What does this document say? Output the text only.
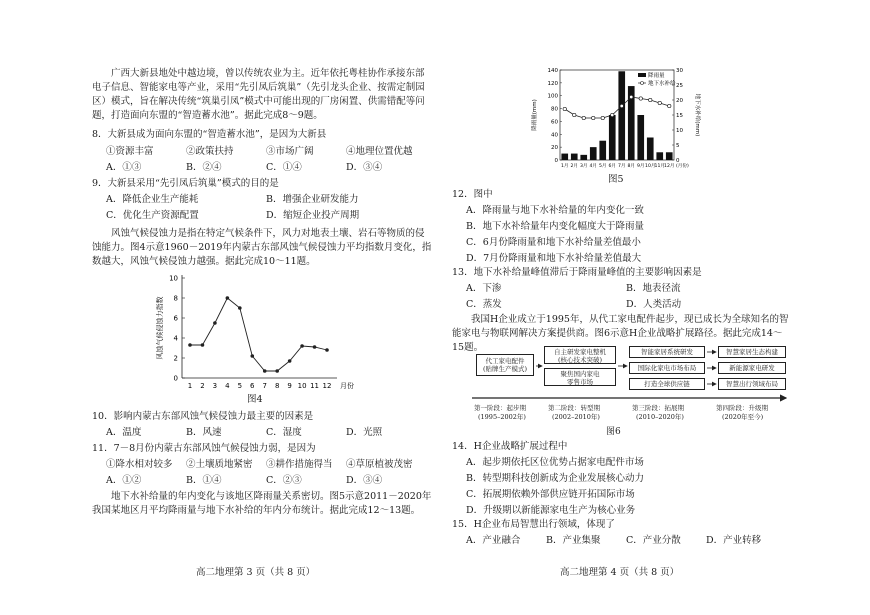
广西大新县地处中越边境，曾以传统农业为主。近年依托粤桂协作承接东部电子信息、智能家电等产业，采用“先引凤后筑巢”（先引龙头企业、按需定制园区）模式，旨在解决传统“筑巢引凤”模式中可能出现的厂房闲置、供需错配等问题，打造面向东盟的“智造蓄水池”。据此完成8～9题。
8．大新县成为面向东盟的“智造蓄水池”，是因为大新县
①资源丰富	②政策扶持	③市场广阔	④地理位置优越
A．①③	B．②④	C．①④	D．③④
9．大新县采用“先引凤后筑巢”模式的目的是
A．降低企业生产能耗	B．增强企业研发能力
C．优化生产资源配置	D．缩短企业投产周期
风蚀气候侵蚀力是指在特定气候条件下，风力对地表土壤、岩石等物质的侵蚀能力。图4示意1960－2019年内蒙古东部风蚀气候侵蚀力平均指数月变化，指数越大，风蚀气候侵蚀力越强。据此完成10～11题。
0
2
4
6
8
10
1 2 3 4 5 6 7 8 9 10 11 12 月份
风蚀气候侵蚀力指数
图4
10．影响内蒙古东部风蚀气候侵蚀力最主要的因素是
A．温度	B．风速	C．湿度	D．光照
11．7－8月份内蒙古东部风蚀气候侵蚀力弱，是因为
①降水相对较多 ②土壤质地紧密 ③耕作措施得当 ④草原植被茂密
A．①②	B．①④	C．②③	D．③④
地下水补给量的年内变化与该地区降雨量关系密切。图5示意2011－2020年我国某地区月平均降雨量与地下水补给的年内分布统计。据此完成12～13题。
高二地理第 3 页（共 8 页）
0
20
40
60
80
100
120
140
0
5
10
15
20
25
30
1月 2月 3月 4月 5月 6月 7月 8月 9月 10月 11月 12月 (月份)
降雨量(mm)	地下水补给(mm)
降雨量
地下水补给
图5
12．图中
A．降雨量与地下水补给量的年内变化一致
B．地下水补给量年内变化幅度大于降雨量
C．6月份降雨量和地下水补给量差值最小
D．7月份降雨量和地下水补给量差值最大
13．地下水补给量峰值滞后于降雨量峰值的主要影响因素是
A．下渗	B．地表径流
C．蒸发	D．人类活动
我国H企业成立于1995年，从代工家电配件起步，现已成长为全球知名的智能家电与物联网解决方案提供商。图6示意H企业战略扩展路径。据此完成14～15题。
代工家电配件
(贴牌生产模式)
自主研发家电整机
(核心技术突破)
聚焦国内家电
零售市场
智能家居系统研发
国际化家电市场布局
打造全球供应链
智慧家居生态构建
新能源家电研发
智慧出行领域布局
第一阶段：起步期
(1995–2002年)
第二阶段：转型期
(2002–2010年)
第三阶段：拓展期
(2010–2020年)
第四阶段：升级期
(2020年至今)
图6
14．H企业战略扩展过程中
A．起步期依托区位优势占据家电配件市场
B．转型期科技创新成为企业发展核心动力
C．拓展期依赖外部供应链开拓国际市场
D．升级期以新能源家电生产为核心业务
15．H企业布局智慧出行领域，体现了
A．产业融合	B．产业集聚	C．产业分散	D．产业转移
高二地理第 4 页（共 8 页）
